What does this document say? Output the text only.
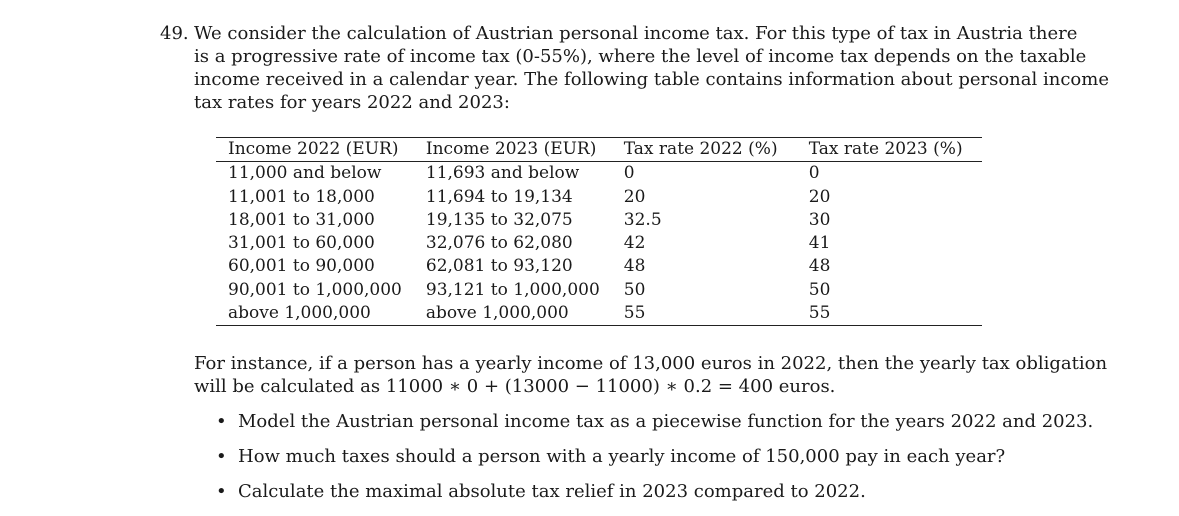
49. We consider the calculation of Austrian personal income tax. For this type of tax in Austria there
is a progressive rate of income tax (0-55%), where the level of income tax depends on the taxable
income received in a calendar year. The following table contains information about personal income
tax rates for years 2022 and 2023:
Income 2022 (EUR)	Income 2023 (EUR)	Tax rate 2022 (%)	Tax rate 2023 (%)
11,000 and below	11,693 and below	0	0
11,001 to 18,000	11,694 to 19,134	20	20
18,001 to 31,000	19,135 to 32,075	32.5	30
31,001 to 60,000	32,076 to 62,080	42	41
60,001 to 90,000	62,081 to 93,120	48	48
90,001 to 1,000,000	93,121 to 1,000,000	50	50
above 1,000,000	above 1,000,000	55	55
For instance, if a person has a yearly income of 13,000 euros in 2022, then the yearly tax obligation
will be calculated as 11000 ∗ 0 + (13000 − 11000) ∗ 0.2 = 400 euros.
• Model the Austrian personal income tax as a piecewise function for the years 2022 and 2023.
• How much taxes should a person with a yearly income of 150,000 pay in each year?
• Calculate the maximal absolute tax relief in 2023 compared to 2022.
